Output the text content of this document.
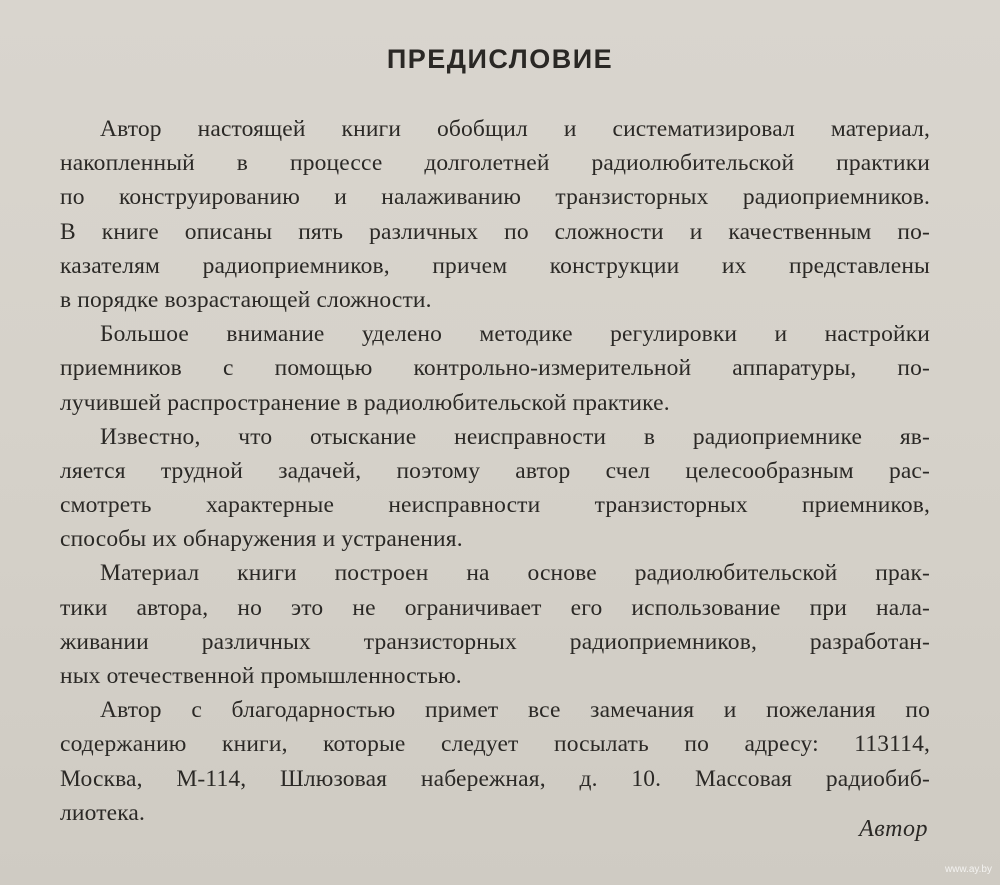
ПРЕДИСЛОВИЕ
Автор настоящей книги обобщил и систематизировал материал,
накопленный в процессе долголетней радиолюбительской практики
по конструированию и налаживанию транзисторных радиоприемников.
В книге описаны пять различных по сложности и качественным по-
казателям радиоприемников, причем конструкции их представлены
в порядке возрастающей сложности.
Большое внимание уделено методике регулировки и настройки
приемников с помощью контрольно-измерительной аппаратуры, по-
лучившей распространение в радиолюбительской практике.
Известно, что отыскание неисправности в радиоприемнике яв-
ляется трудной задачей, поэтому автор счел целесообразным рас-
смотреть характерные неисправности транзисторных приемников,
способы их обнаружения и устранения.
Материал книги построен на основе радиолюбительской прак-
тики автора, но это не ограничивает его использование при нала-
живании различных транзисторных радиоприемников, разработан-
ных отечественной промышленностью.
Автор с благодарностью примет все замечания и пожелания по
содержанию книги, которые следует посылать по адресу: 113114,
Москва, М-114, Шлюзовая набережная, д. 10. Массовая радиобиб-
лиотека.
Автор
www.ay.by
